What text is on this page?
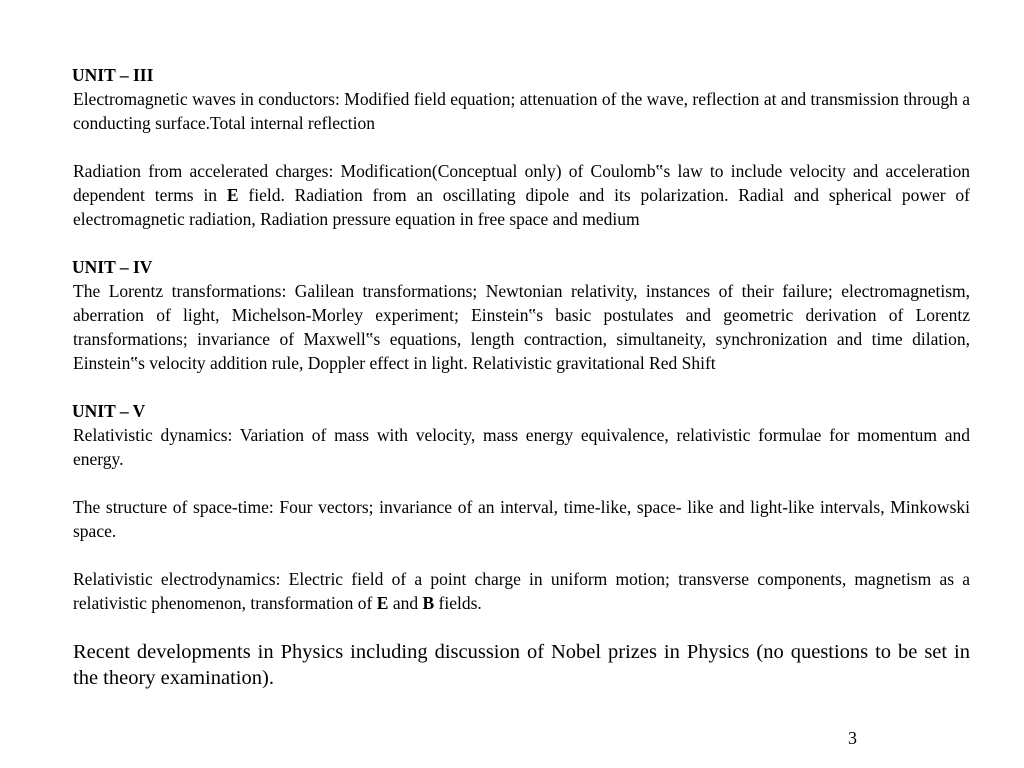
UNIT – III

Electromagnetic waves in conductors: Modified field equation; attenuation of the wave, reflection at and transmission through a conducting surface.Total internal reflection

Radiation from accelerated charges: Modification(Conceptual only) of Coulomb‟s law to include velocity and acceleration dependent terms in E field. Radiation from an oscillating dipole and its polarization. Radial and spherical power of electromagnetic radiation, Radiation pressure equation in free space and medium

UNIT – IV

The Lorentz transformations: Galilean transformations; Newtonian relativity, instances of their failure; electromagnetism, aberration of light, Michelson-Morley experiment; Einstein‟s basic postulates and geometric derivation of Lorentz transformations; invariance of Maxwell‟s equations, length contraction, simultaneity, synchronization and time dilation, Einstein‟s velocity addition rule, Doppler effect in light. Relativistic gravitational Red Shift

UNIT – V

Relativistic dynamics: Variation of mass with velocity, mass energy equivalence, relativistic formulae for momentum and energy.

The structure of space-time: Four vectors; invariance of an interval, time-like, space- like and light-like intervals, Minkowski space.

Relativistic electrodynamics: Electric field of a point charge in uniform motion; transverse components, magnetism as a relativistic phenomenon, transformation of E and B fields.

Recent developments in Physics including discussion of Nobel prizes in Physics (no questions to be set in the theory examination).

3
